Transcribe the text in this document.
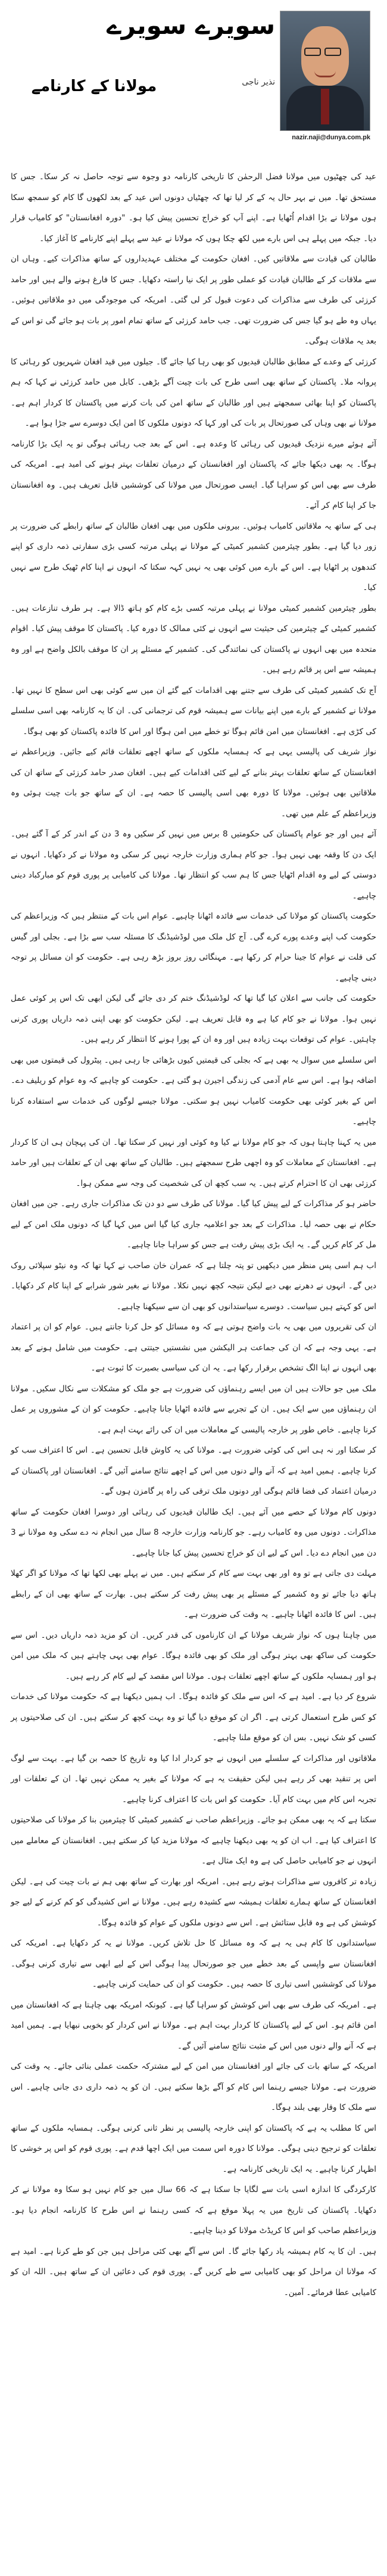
سویرے سویرے
نذیر ناجی
nazir.naji@dunya.com.pk
مولانا کے کارنامے

عید کی چھٹیوں میں مولانا فضل الرحمٰن کا تاریخی کارنامہ دو وجوہ سے توجہ حاصل نہ کر سکا۔ جس کا مستحق تھا۔ میں نے بہر حال یہ کے کر لیا تھا کہ چھٹیاں دونوں اس عید کے بعد لکھوں گا کام کو سمجھ سکا ہوں مولانا نے بڑا اقدام اُٹھایا ہے۔ اپنے آپ کو خراج تحسین پیش کیا ہو۔ "دورہ افغانستان" کو کامیاب قرار دیا۔ جبکہ میں پہلے ہی اس بارے میں لکھ چکا ہوں کہ مولانا نے عید سے پہلے اپنے کارنامے کا آغاز کیا۔

طالبان کی قیادت سے ملاقاتیں کیں۔ افغان حکومت کے مختلف عہدیداروں کے ساتھ مذاکرات کیے۔ وہاں ان سے ملاقات کر کے طالبان قیادت کو عملی طور پر ایک نیا راستہ دکھایا۔ جس کا فارغ ہونے والے ہیں اور حامد کرزئی کی طرف سے مذاکرات کی دعوت قبول کر لی گئی۔ امریکہ کی موجودگی میں دو ملاقاتیں ہوئیں۔ یہاں وہ طے ہو گیا جس کی ضرورت تھی۔ جب حامد کرزئی کے ساتھ تمام امور پر بات ہو جائے گی تو اس کے بعد یہ ملاقات ہوگی۔

کرزئی کے وعدے کے مطابق طالبان قیدیوں کو بھی رہا کیا جائے گا۔ جیلوں میں قید افغان شہریوں کو رہائی کا پروانہ ملا۔ پاکستان کے ساتھ بھی اسی طرح کی بات چیت آگے بڑھی۔ کابل میں حامد کرزئی نے کہا کہ ہم پاکستان کو اپنا بھائی سمجھتے ہیں اور طالبان کے ساتھ امن کی بات کرنے میں پاکستان کا کردار اہم ہے۔ مولانا نے بھی وہاں کی صورتحال پر بات کی اور کہا کہ دونوں ملکوں کا امن ایک دوسرے سے جڑا ہوا ہے۔

آئے ہوئے میرے نزدیک قیدیوں کی رہائی کا وعدہ ہے۔ اس کے بعد جب رہائی ہوگی تو یہ ایک بڑا کارنامہ ہوگا۔ یہ بھی دیکھا جائے کہ پاکستان اور افغانستان کے درمیان تعلقات بہتر ہونے کی امید ہے۔ امریکہ کی طرف سے بھی اس کو سراہا گیا۔ ایسی صورتحال میں مولانا کی کوششیں قابل تعریف ہیں۔ وہ افغانستان جا کر اپنا کام کر آئے۔

ہی کے ساتھ یہ ملاقاتیں کامیاب ہوئیں۔ بیرونی ملکوں میں بھی افغان طالبان کے ساتھ رابطے کی ضرورت پر زور دیا گیا ہے۔ بطور چیئرمین کشمیر کمیٹی کے مولانا نے پہلی مرتبہ کسی بڑی سفارتی ذمہ داری کو اپنے کندھوں پر اٹھایا ہے۔ اس کے بارے میں کوئی بھی یہ نہیں کہہ سکتا کہ انہوں نے اپنا کام ٹھیک طرح سے نہیں کیا۔

بطور چیئرمین کشمیر کمیٹی مولانا نے پہلی مرتبہ کسی بڑے کام کو ہاتھ ڈالا ہے۔ ہر طرف تنازعات ہیں۔ کشمیر کمیٹی کے چیئرمین کی حیثیت سے انہوں نے کئی ممالک کا دورہ کیا۔ پاکستان کا موقف پیش کیا۔ اقوام متحدہ میں بھی انہوں نے پاکستان کی نمائندگی کی۔ کشمیر کے مسئلے پر ان کا موقف بالکل واضح ہے اور وہ ہمیشہ سے اس پر قائم رہے ہیں۔

آج تک کشمیر کمیٹی کی طرف سے جتنے بھی اقدامات کیے گئے ان میں سے کوئی بھی اس سطح کا نہیں تھا۔ مولانا نے کشمیر کے بارے میں اپنے بیانات سے ہمیشہ قوم کی ترجمانی کی۔ ان کا یہ کارنامہ بھی اسی سلسلے کی کڑی ہے۔ افغانستان میں امن قائم ہوگا تو خطے میں امن ہوگا اور اس کا فائدہ پاکستان کو بھی ہوگا۔

نواز شریف کی پالیسی یہی ہے کہ ہمسایہ ملکوں کے ساتھ اچھے تعلقات قائم کیے جائیں۔ وزیراعظم نے افغانستان کے ساتھ تعلقات بہتر بنانے کے لیے کئی اقدامات کیے ہیں۔ افغان صدر حامد کرزئی کے ساتھ ان کی ملاقاتیں بھی ہوئیں۔ مولانا کا دورہ بھی اسی پالیسی کا حصہ ہے۔ ان کے ساتھ جو بات چیت ہوئی وہ وزیراعظم کے علم میں تھی۔

آئے ہیں اور جو عوام پاکستان کی حکومتیں 8 برس میں نہیں کر سکیں وہ 3 دن کے اندر کر کے آ گئے ہیں۔ ایک دن کا وقفہ بھی نہیں ہوا۔ جو کام ہماری وزارت خارجہ نہیں کر سکی وہ مولانا نے کر دکھایا۔ انہوں نے دوستی کے لیے وہ اقدام اٹھایا جس کا ہم سب کو انتظار تھا۔ مولانا کی کامیابی پر پوری قوم کو مبارکباد دینی چاہیے۔

حکومت پاکستان کو مولانا کی خدمات سے فائدہ اٹھانا چاہیے۔ عوام اس بات کے منتظر ہیں کہ وزیراعظم کی حکومت کب اپنے وعدے پورے کرے گی۔ آج کل ملک میں لوڈشیڈنگ کا مسئلہ سب سے بڑا ہے۔ بجلی اور گیس کی قلت نے عوام کا جینا حرام کر رکھا ہے۔ مہنگائی روز بروز بڑھ رہی ہے۔ حکومت کو ان مسائل پر توجہ دینی چاہیے۔

حکومت کی جانب سے اعلان کیا گیا تھا کہ لوڈشیڈنگ ختم کر دی جائے گی لیکن ابھی تک اس پر کوئی عمل نہیں ہوا۔ مولانا نے جو کام کیا ہے وہ قابل تعریف ہے۔ لیکن حکومت کو بھی اپنی ذمہ داریاں پوری کرنی چاہئیں۔ عوام کی توقعات بہت زیادہ ہیں اور وہ ان کے پورا ہونے کا انتظار کر رہے ہیں۔

اس سلسلے میں سوال یہ بھی ہے کہ بجلی کی قیمتیں کیوں بڑھائی جا رہی ہیں۔ پیٹرول کی قیمتوں میں بھی اضافہ ہوا ہے۔ اس سے عام آدمی کی زندگی اجیرن ہو گئی ہے۔ حکومت کو چاہیے کہ وہ عوام کو ریلیف دے۔ اس کے بغیر کوئی بھی حکومت کامیاب نہیں ہو سکتی۔ مولانا جیسے لوگوں کی خدمات سے استفادہ کرنا چاہیے۔

میں یہ کہنا چاہتا ہوں کہ جو کام مولانا نے کیا وہ کوئی اور نہیں کر سکتا تھا۔ ان کی پہچان ہی ان کا کردار ہے۔ افغانستان کے معاملات کو وہ اچھی طرح سمجھتے ہیں۔ طالبان کے ساتھ بھی ان کے تعلقات ہیں اور حامد کرزئی بھی ان کا احترام کرتے ہیں۔ یہ سب کچھ ان کی شخصیت کی وجہ سے ممکن ہوا۔

حاضر ہو کر مذاکرات کے لیے پیش کیا گیا۔ مولانا کی طرف سے دو دن تک مذاکرات جاری رہے۔ جن میں افغان حکام نے بھی حصہ لیا۔ مذاکرات کے بعد جو اعلامیہ جاری کیا گیا اس میں کہا گیا کہ دونوں ملک امن کے لیے مل کر کام کریں گے۔ یہ ایک بڑی پیش رفت ہے جس کو سراہا جانا چاہیے۔

اب ہم اسی پس منظر میں دیکھیں تو پتہ چلتا ہے کہ عمران خان صاحب نے کہا تھا کہ وہ نیٹو سپلائی روک دیں گے۔ انہوں نے دھرنے بھی دیے لیکن نتیجہ کچھ نہیں نکلا۔ مولانا نے بغیر شور شرابے کے اپنا کام کر دکھایا۔ اس کو کہتے ہیں سیاست۔ دوسرے سیاستدانوں کو بھی ان سے سیکھنا چاہیے۔

ان کی تقریروں میں بھی یہ بات واضح ہوتی ہے کہ وہ مسائل کو حل کرنا جانتے ہیں۔ عوام کو ان پر اعتماد ہے۔ یہی وجہ ہے کہ ان کی جماعت ہر الیکشن میں نشستیں جیتتی ہے۔ حکومت میں شامل ہونے کے بعد بھی انہوں نے اپنا الگ تشخص برقرار رکھا ہے۔ یہ ان کی سیاسی بصیرت کا ثبوت ہے۔

ملک میں جو حالات ہیں ان میں ایسے رہنماؤں کی ضرورت ہے جو ملک کو مشکلات سے نکال سکیں۔ مولانا ان رہنماؤں میں سے ایک ہیں۔ ان کے تجربے سے فائدہ اٹھایا جانا چاہیے۔ حکومت کو ان کے مشوروں پر عمل کرنا چاہیے۔ خاص طور پر خارجہ پالیسی کے معاملات میں ان کی رائے بہت اہم ہے۔

کر سکتا اور نہ ہی اس کی کوئی ضرورت ہے۔ مولانا کی یہ کاوش قابل تحسین ہے۔ اس کا اعتراف سب کو کرنا چاہیے۔ ہمیں امید ہے کہ آنے والے دنوں میں اس کے اچھے نتائج سامنے آئیں گے۔ افغانستان اور پاکستان کے درمیان اعتماد کی فضا قائم ہوگی اور دونوں ملک ترقی کی راہ پر گامزن ہوں گے۔

دونوں کام مولانا کے حصے میں آئے ہیں۔ ایک طالبان قیدیوں کی رہائی اور دوسرا افغان حکومت کے ساتھ مذاکرات۔ دونوں میں وہ کامیاب رہے۔ جو کارنامہ وزارت خارجہ 8 سال میں انجام نہ دے سکی وہ مولانا نے 3 دن میں انجام دے دیا۔ اس کے لیے ان کو خراج تحسین پیش کیا جانا چاہیے۔

مہلت دی جاتی ہے تو وہ اور بھی بہت سے کام کر سکتے ہیں۔ میں نے پہلے بھی لکھا تھا کہ مولانا کو اگر کھلا ہاتھ دیا جائے تو وہ کشمیر کے مسئلے پر بھی پیش رفت کر سکتے ہیں۔ بھارت کے ساتھ بھی ان کے رابطے ہیں۔ اس کا فائدہ اٹھانا چاہیے۔ یہ وقت کی ضرورت ہے۔

میں چاہتا ہوں کہ نواز شریف مولانا کے ان کارناموں کی قدر کریں۔ ان کو مزید ذمہ داریاں دیں۔ اس سے حکومت کی ساکھ بھی بہتر ہوگی اور ملک کو بھی فائدہ ہوگا۔ عوام بھی یہی چاہتے ہیں کہ ملک میں امن ہو اور ہمسایہ ملکوں کے ساتھ اچھے تعلقات ہوں۔ مولانا اس مقصد کے لیے کام کر رہے ہیں۔

شروع کر دیا ہے۔ امید ہے کہ اس سے ملک کو فائدہ ہوگا۔ اب ہمیں دیکھنا ہے کہ حکومت مولانا کی خدمات کو کس طرح استعمال کرتی ہے۔ اگر ان کو موقع دیا گیا تو وہ بہت کچھ کر سکتے ہیں۔ ان کی صلاحیتوں پر کسی کو شک نہیں۔ بس ان کو موقع ملنا چاہیے۔

ملاقاتوں اور مذاکرات کے سلسلے میں انہوں نے جو کردار ادا کیا وہ تاریخ کا حصہ بن گیا ہے۔ بہت سے لوگ اس پر تنقید بھی کر رہے ہیں لیکن حقیقت یہ ہے کہ مولانا کے بغیر یہ ممکن نہیں تھا۔ ان کے تعلقات اور تجربہ اس کام میں بہت کام آیا۔ حکومت کو اس بات کا اعتراف کرنا چاہیے۔

سکتا ہے کہ یہ بھی ممکن ہو جائے۔ وزیراعظم صاحب نے کشمیر کمیٹی کا چیئرمین بنا کر مولانا کی صلاحیتوں کا اعتراف کیا ہے۔ اب ان کو یہ بھی دیکھنا چاہیے کہ مولانا مزید کیا کر سکتے ہیں۔ افغانستان کے معاملے میں انہوں نے جو کامیابی حاصل کی ہے وہ ایک مثال ہے۔

زیادہ تر کافروں سے مذاکرات ہوتے رہے ہیں۔ امریکہ اور بھارت کے ساتھ بھی ہم نے بات چیت کی ہے۔ لیکن افغانستان کے ساتھ ہمارے تعلقات ہمیشہ سے کشیدہ رہے ہیں۔ مولانا نے اس کشیدگی کو کم کرنے کے لیے جو کوشش کی ہے وہ قابل ستائش ہے۔ اس سے دونوں ملکوں کے عوام کو فائدہ ہوگا۔

سیاستدانوں کا کام ہی یہ ہے کہ وہ مسائل کا حل تلاش کریں۔ مولانا نے یہ کر دکھایا ہے۔ امریکہ کی افغانستان سے واپسی کے بعد خطے میں جو صورتحال پیدا ہوگی اس کے لیے ابھی سے تیاری کرنی ہوگی۔ مولانا کی کوششیں اسی تیاری کا حصہ ہیں۔ حکومت کو ان کی حمایت کرنی چاہیے۔

ہے۔ امریکہ کی طرف سے بھی اس کوشش کو سراہا گیا ہے۔ کیونکہ امریکہ بھی چاہتا ہے کہ افغانستان میں امن قائم ہو۔ اس کے لیے پاکستان کا کردار بہت اہم ہے۔ مولانا نے اس کردار کو بخوبی نبھایا ہے۔ ہمیں امید ہے کہ آنے والے دنوں میں اس کے مثبت نتائج سامنے آئیں گے۔

امریکہ کے ساتھ بات کی جائے اور افغانستان میں امن کے لیے مشترکہ حکمت عملی بنائی جائے۔ یہ وقت کی ضرورت ہے۔ مولانا جیسے رہنما اس کام کو آگے بڑھا سکتے ہیں۔ ان کو یہ ذمہ داری دی جانی چاہیے۔ اس سے ملک کا وقار بھی بلند ہوگا۔

اس کا مطلب یہ ہے کہ پاکستان کو اپنی خارجہ پالیسی پر نظر ثانی کرنی ہوگی۔ ہمسایہ ملکوں کے ساتھ تعلقات کو ترجیح دینی ہوگی۔ مولانا کا دورہ اس سمت میں ایک اچھا قدم ہے۔ پوری قوم کو اس پر خوشی کا اظہار کرنا چاہیے۔ یہ ایک تاریخی کارنامہ ہے۔

کارکردگی کا اندازہ اسی بات سے لگایا جا سکتا ہے کہ 66 سال میں جو کام نہیں ہو سکا وہ مولانا نے کر دکھایا۔ پاکستان کی تاریخ میں یہ پہلا موقع ہے کہ کسی رہنما نے اس طرح کا کارنامہ انجام دیا ہو۔ وزیراعظم صاحب کو اس کا کریڈٹ مولانا کو دینا چاہیے۔

ہیں۔ ان کا یہ کام ہمیشہ یاد رکھا جائے گا۔ اس سے آگے بھی کئی مراحل ہیں جن کو طے کرنا ہے۔ امید ہے کہ مولانا ان مراحل کو بھی کامیابی سے طے کریں گے۔ پوری قوم کی دعائیں ان کے ساتھ ہیں۔ اللہ ان کو کامیابی عطا فرمائے۔ آمین۔
